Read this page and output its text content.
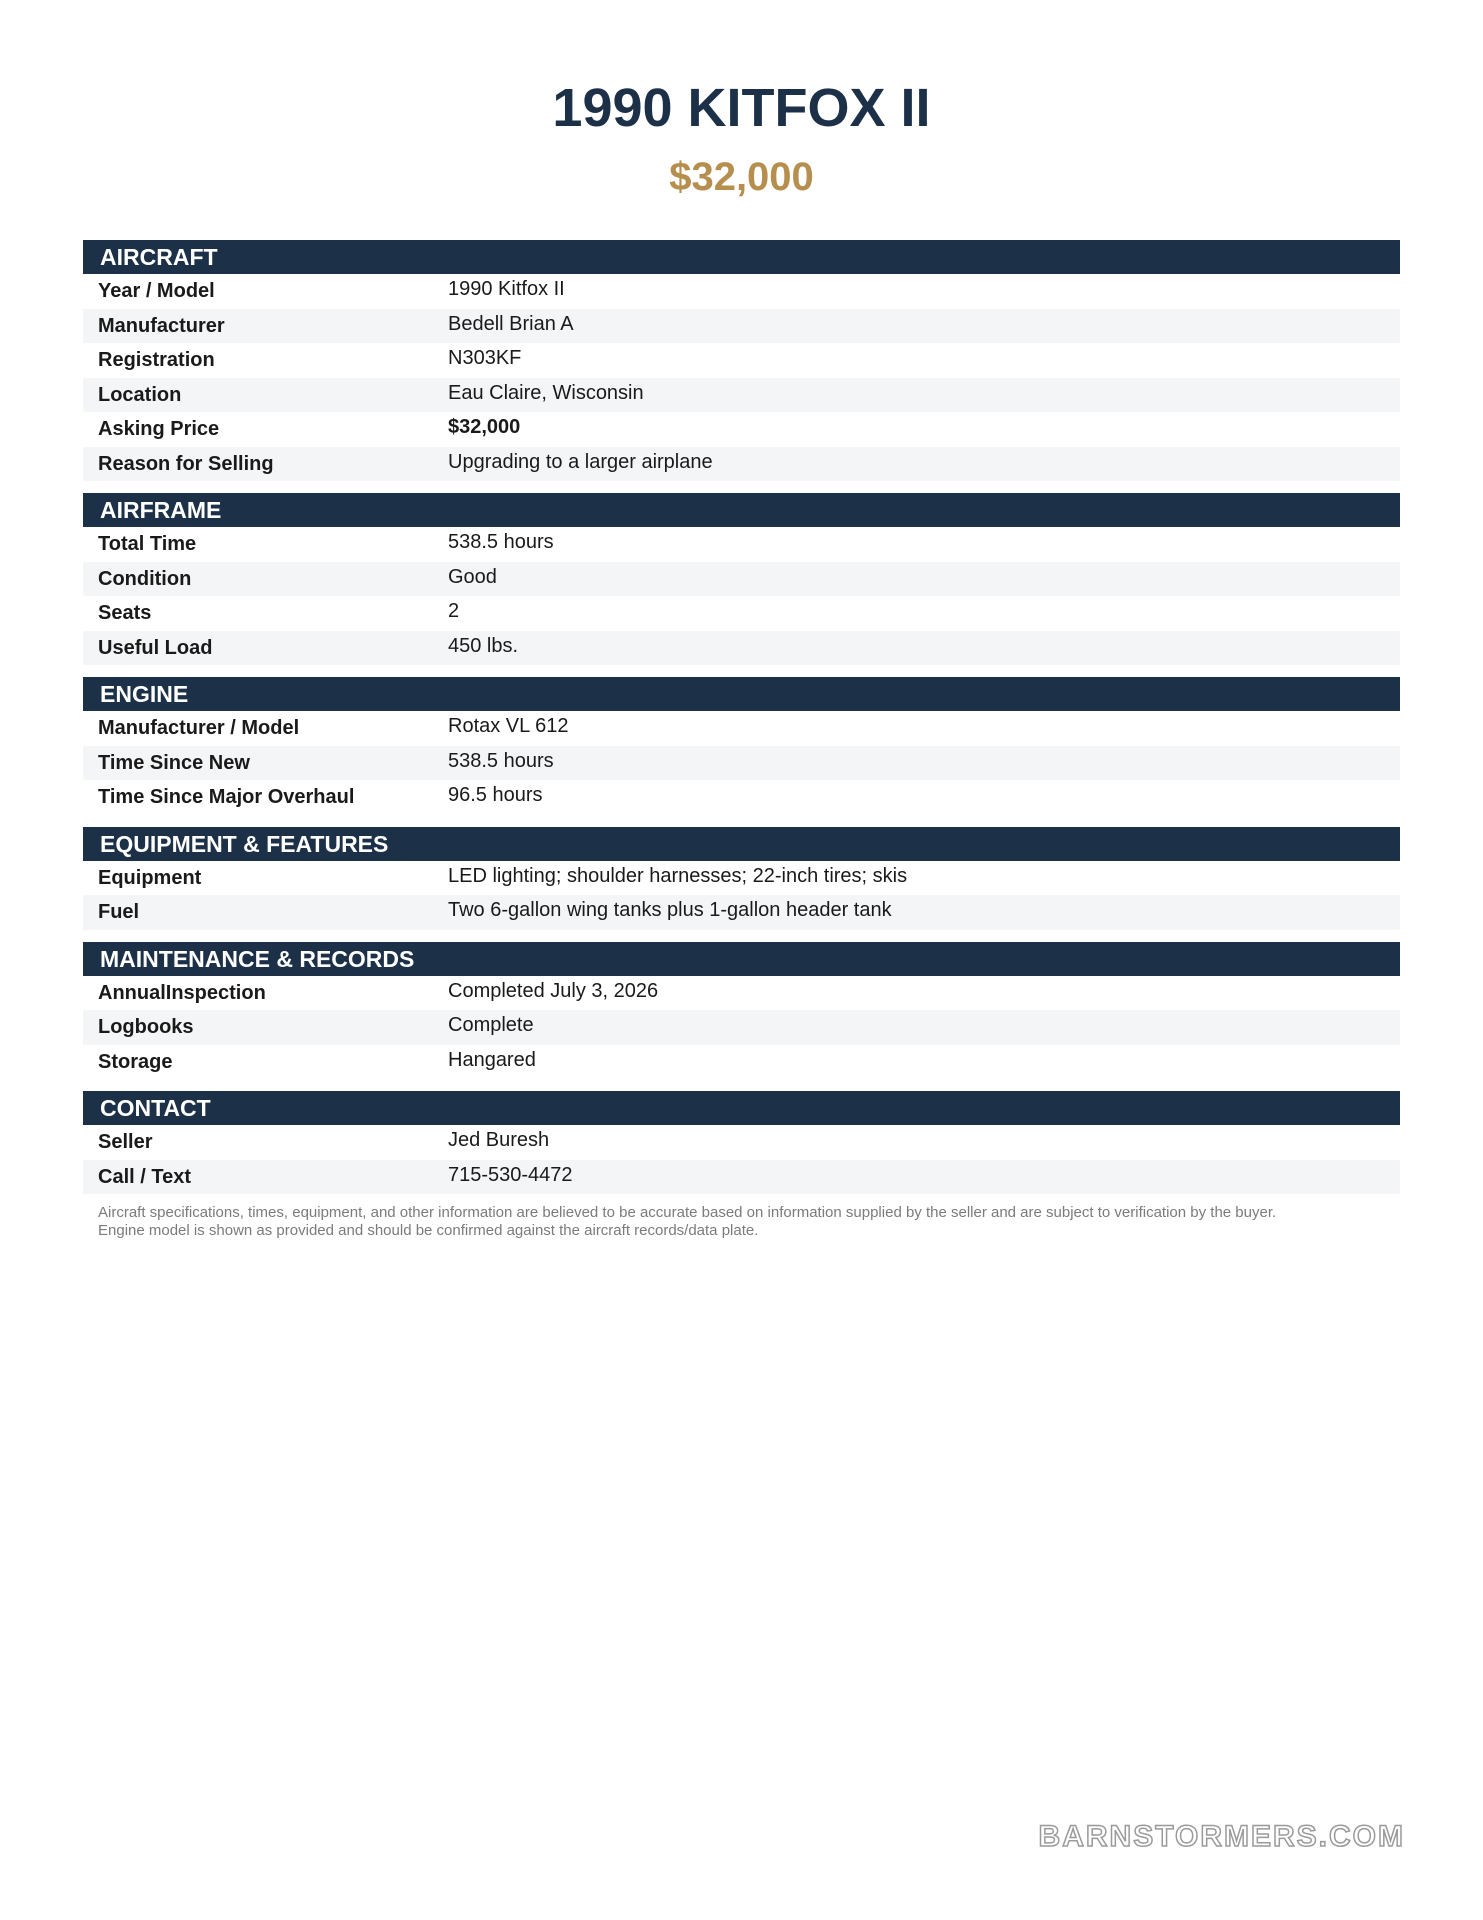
1990 KITFOX II
$32,000
AIRCRAFT
Year / Model	1990 Kitfox II
Manufacturer	Bedell Brian A
Registration	N303KF
Location	Eau Claire, Wisconsin
Asking Price	$32,000
Reason for Selling	Upgrading to a larger airplane
AIRFRAME
Total Time	538.5 hours
Condition	Good
Seats	2
Useful Load	450 lbs.
ENGINE
Manufacturer / Model	Rotax VL 612
Time Since New	538.5 hours
Time Since Major Overhaul	96.5 hours
EQUIPMENT & FEATURES
Equipment	LED lighting; shoulder harnesses; 22-inch tires; skis
Fuel	Two 6-gallon wing tanks plus 1-gallon header tank
MAINTENANCE & RECORDS
AnnualInspection	Completed July 3, 2026
Logbooks	Complete
Storage	Hangared
CONTACT
Seller	Jed Buresh
Call / Text	715-530-4472
Aircraft specifications, times, equipment, and other information are believed to be accurate based on information supplied by the seller and are subject to verification by the buyer.
Engine model is shown as provided and should be confirmed against the aircraft records/data plate.
BARNSTORMERS.COM
